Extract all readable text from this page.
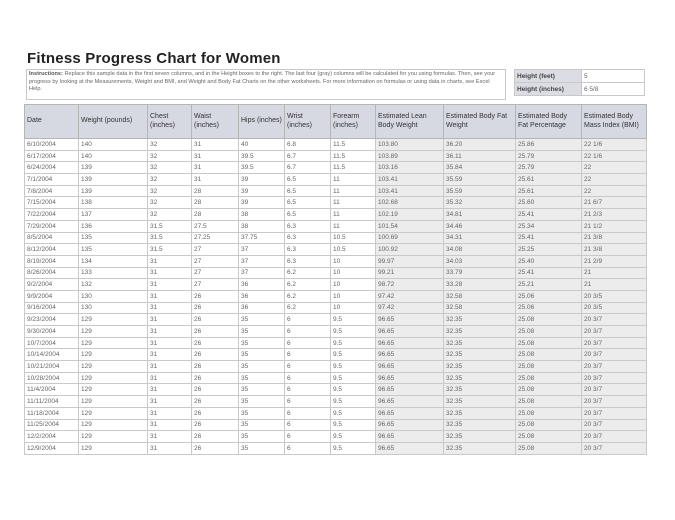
Fitness Progress Chart for Women
Instructions: Replace this sample data in the first seven columns, and in the Height boxes to the right. The last four (gray) columns will be calculated for you using formulas. Then, see your progress by looking at the Measurements, Weight and BMI, and Weight and Body Fat Charts on the other worksheets. For more information on formulas or using data in charts, see Excel Help.
Height (feet)	5
Height (inches)	6 5/8
Date	Weight (pounds)	Chest (inches)	Waist (inches)	Hips (inches)	Wrist (inches)	Forearm (inches)	Estimated Lean Body Weight	Estimated Body Fat Weight	Estimated Body Fat Percentage	Estimated Body Mass Index (BMI)
6/10/2004	140	32	31	40	6.8	11.5	103.80	36.20	25.86	22 1/6
6/17/2004	140	32	31	39.5	6.7	11.5	103.89	36.11	25.79	22 1/6
6/24/2004	139	32	31	39.5	6.7	11.5	103.16	35.84	25.79	22
7/1/2004	139	32	31	39	6.5	11	103.41	35.59	25.61	22
7/8/2004	139	32	28	39	6.5	11	103.41	35.59	25.61	22
7/15/2004	138	32	28	39	6.5	11	102.68	35.32	25.60	21 6/7
7/22/2004	137	32	28	38	6.5	11	102.19	34.81	25.41	21 2/3
7/29/2004	136	31.5	27.5	38	6.3	11	101.54	34.46	25.34	21 1/2
8/5/2004	135	31.5	27.25	37.75	6.3	10.5	100.69	34.31	25.41	21 3/8
8/12/2004	135	31.5	27	37	6.3	10.5	100.92	34.08	25.25	21 3/8
8/19/2004	134	31	27	37	6.3	10	99.97	34.03	25.40	21 2/9
8/26/2004	133	31	27	37	6.2	10	99.21	33.79	25.41	21
9/2/2004	132	31	27	36	6.2	10	98.72	33.28	25.21	21
9/9/2004	130	31	26	36	6.2	10	97.42	32.58	25.06	20 3/5
9/16/2004	130	31	26	36	6.2	10	97.42	32.58	25.06	20 3/5
9/23/2004	129	31	26	35	6	9.5	96.65	32.35	25.08	20 3/7
9/30/2004	129	31	26	35	6	9.5	96.65	32.35	25.08	20 3/7
10/7/2004	129	31	26	35	6	9.5	96.65	32.35	25.08	20 3/7
10/14/2004	129	31	26	35	6	9.5	96.65	32.35	25.08	20 3/7
10/21/2004	129	31	26	35	6	9.5	96.65	32.35	25.08	20 3/7
10/28/2004	129	31	26	35	6	9.5	96.65	32.35	25.08	20 3/7
11/4/2004	129	31	26	35	6	9.5	96.65	32.35	25.08	20 3/7
11/11/2004	129	31	26	35	6	9.5	96.65	32.35	25.08	20 3/7
11/18/2004	129	31	26	35	6	9.5	96.65	32.35	25.08	20 3/7
11/25/2004	129	31	26	35	6	9.5	96.65	32.35	25.08	20 3/7
12/2/2004	129	31	26	35	6	9.5	96.65	32.35	25.08	20 3/7
12/9/2004	129	31	26	35	6	9.5	96.65	32.35	25.08	20 3/7
